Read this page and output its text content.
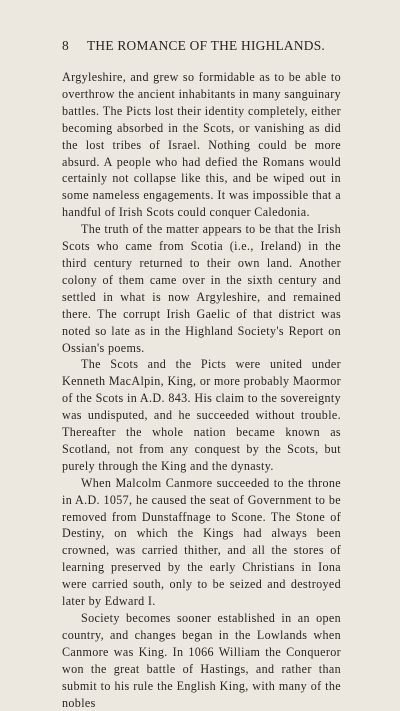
8 THE ROMANCE OF THE HIGHLANDS.

Argyleshire, and grew so formidable as to be able to overthrow the ancient inhabitants in many sanguinary battles. The Picts lost their identity completely, either becoming absorbed in the Scots, or vanishing as did the lost tribes of Israel. Nothing could be more absurd. A people who had defied the Romans would certainly not collapse like this, and be wiped out in some nameless engagements. It was impossible that a handful of Irish Scots could conquer Caledonia.

The truth of the matter appears to be that the Irish Scots who came from Scotia (i.e., Ireland) in the third century returned to their own land. Another colony of them came over in the sixth century and settled in what is now Argyleshire, and remained there. The corrupt Irish Gaelic of that district was noted so late as in the Highland Society's Report on Ossian's poems.

The Scots and the Picts were united under Kenneth MacAlpin, King, or more probably Maormor of the Scots in A.D. 843. His claim to the sovereignty was undisputed, and he succeeded without trouble. Thereafter the whole nation became known as Scotland, not from any conquest by the Scots, but purely through the King and the dynasty.

When Malcolm Canmore succeeded to the throne in A.D. 1057, he caused the seat of Government to be removed from Dunstaffnage to Scone. The Stone of Destiny, on which the Kings had always been crowned, was carried thither, and all the stores of learning preserved by the early Christians in Iona were carried south, only to be seized and destroyed later by Edward I.

Society becomes sooner established in an open country, and changes began in the Lowlands when Canmore was King. In 1066 William the Conqueror won the great battle of Hastings, and rather than submit to his rule the English King, with many of the nobles
